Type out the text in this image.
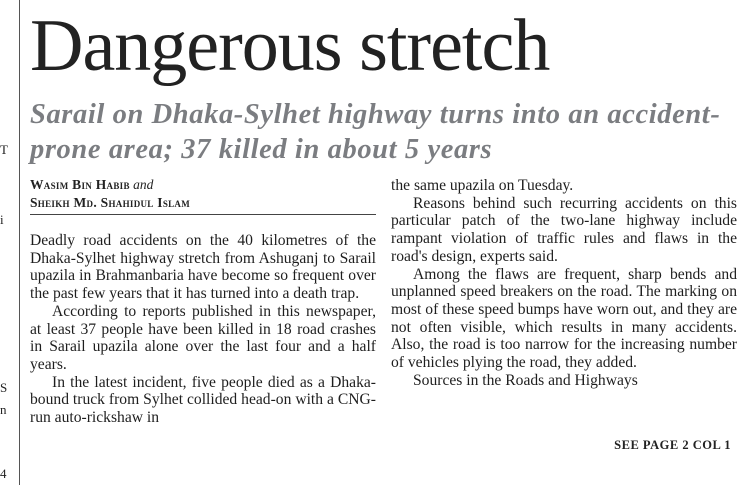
T
i
S
n
4
Dangerous stretch
Sarail on Dhaka-Sylhet highway turns into an accident-prone area; 37 killed in about 5 years
Wasim Bin Habib and
Sheikh Md. Shahidul Islam

Deadly road accidents on the 40 kilometres of the Dhaka-Sylhet highway stretch from Ashuganj to Sarail upazila in Brahmanbaria have become so frequent over the past few years that it has turned into a death trap.

According to reports published in this newspaper, at least 37 people have been killed in 18 road crashes in Sarail upazila alone over the last four and a half years.

In the latest incident, five people died as a Dhaka-bound truck from Sylhet collided head-on with a CNG-run auto-rickshaw in

the same upazila on Tuesday.

Reasons behind such recurring accidents on this particular patch of the two-lane highway include rampant violation of traffic rules and flaws in the road's design, experts said.

Among the flaws are frequent, sharp bends and unplanned speed breakers on the road. The marking on most of these speed bumps have worn out, and they are not often visible, which results in many accidents. Also, the road is too narrow for the increasing number of vehicles plying the road, they added.

Sources in the Roads and Highways

SEE PAGE 2 COL 1
